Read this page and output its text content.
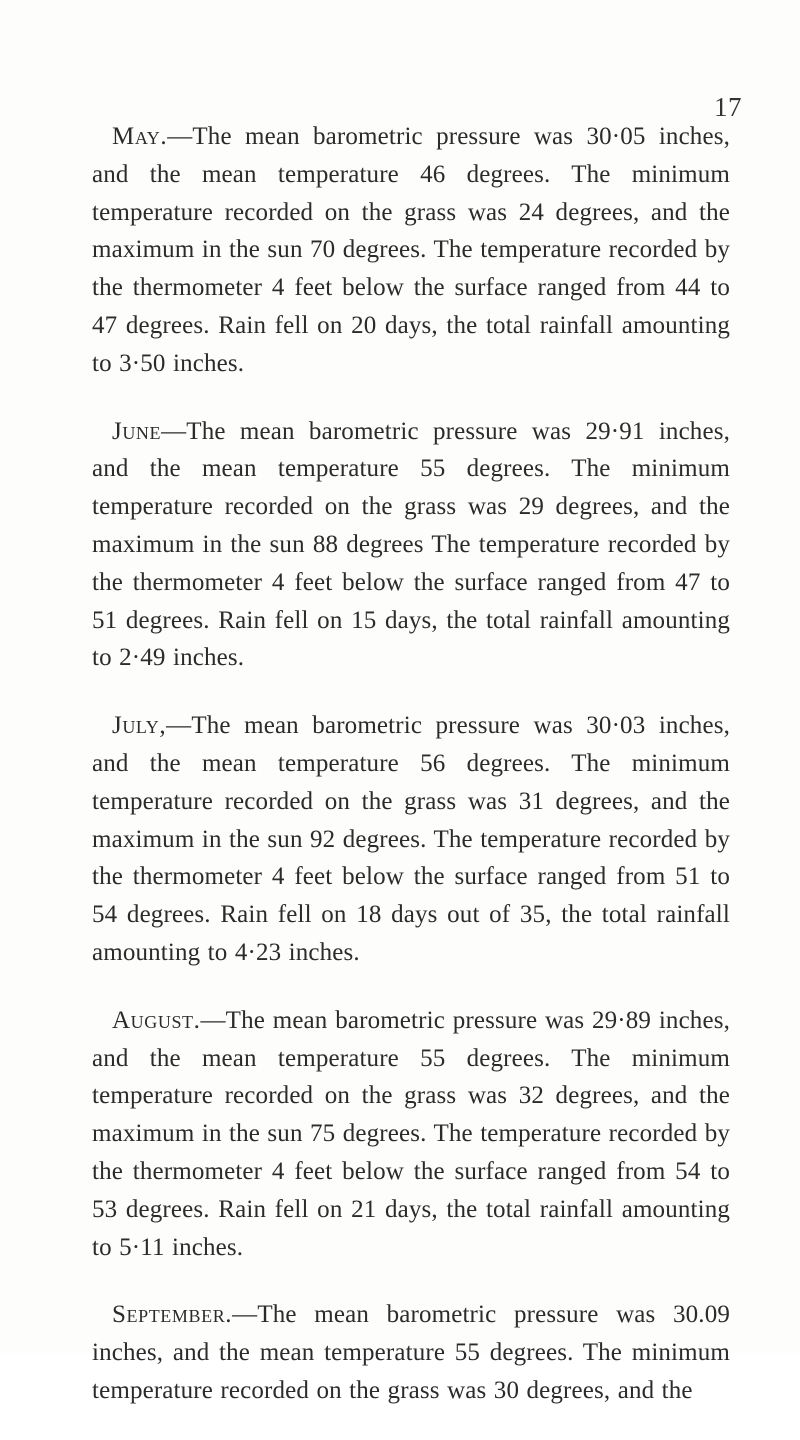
17

May.—The mean barometric pressure was 30·05 inches, and the mean temperature 46 degrees. The minimum temperature recorded on the grass was 24 degrees, and the maximum in the sun 70 degrees. The temperature recorded by the thermometer 4 feet below the surface ranged from 44 to 47 degrees. Rain fell on 20 days, the total rainfall amounting to 3·50 inches.

June—The mean barometric pressure was 29·91 inches, and the mean temperature 55 degrees. The minimum temperature recorded on the grass was 29 degrees, and the maximum in the sun 88 degrees The temperature recorded by the thermometer 4 feet below the surface ranged from 47 to 51 degrees. Rain fell on 15 days, the total rainfall amounting to 2·49 inches.

July,—The mean barometric pressure was 30·03 inches, and the mean temperature 56 degrees. The minimum temperature recorded on the grass was 31 degrees, and the maximum in the sun 92 degrees. The temperature recorded by the thermometer 4 feet below the surface ranged from 51 to 54 degrees. Rain fell on 18 days out of 35, the total rainfall amounting to 4·23 inches.

August.—The mean barometric pressure was 29·89 inches, and the mean temperature 55 degrees. The minimum temperature recorded on the grass was 32 degrees, and the maximum in the sun 75 degrees. The temperature recorded by the thermometer 4 feet below the surface ranged from 54 to 53 degrees. Rain fell on 21 days, the total rainfall amounting to 5·11 inches.

September.—The mean barometric pressure was 30.09 inches, and the mean temperature 55 degrees. The minimum temperature recorded on the grass was 30 degrees, and the
